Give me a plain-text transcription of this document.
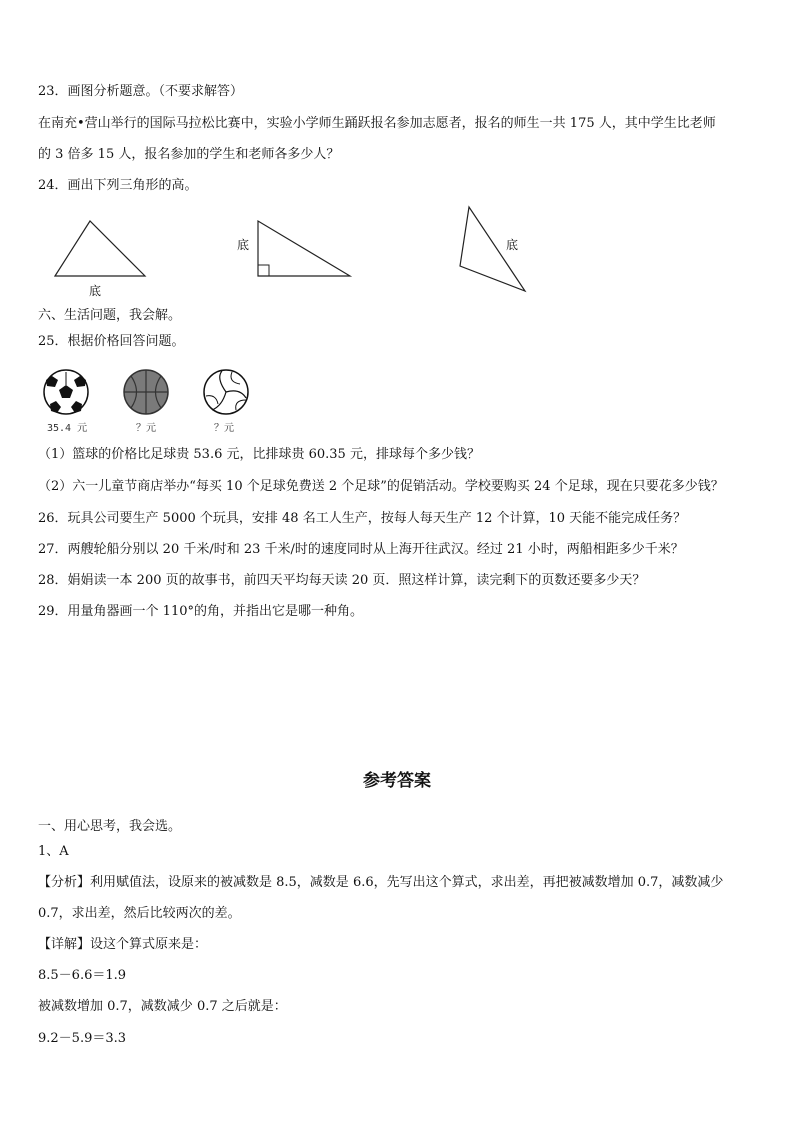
23．画图分析题意。（不要求解答）
在南充•营山举行的国际马拉松比赛中，实验小学师生踊跃报名参加志愿者，报名的师生一共 175 人，其中学生比老师
的 3 倍多 15 人，报名参加的学生和老师各多少人？
24．画出下列三角形的高。
底
底	底
六、生活问题，我会解。
25．根据价格回答问题。
35.4 元	？元	？元
（1）篮球的价格比足球贵 53.6 元，比排球贵 60.35 元，排球每个多少钱？
（2）六一儿童节商店举办“每买 10 个足球免费送 2 个足球”的促销活动。学校要购买 24 个足球，现在只要花多少钱？
26．玩具公司要生产 5000 个玩具，安排 48 名工人生产，按每人每天生产 12 个计算，10 天能不能完成任务？
27．两艘轮船分别以 20 千米/时和 23 千米/时的速度同时从上海开往武汉。经过 21 小时，两船相距多少千米？
28．娟娟读一本 200 页的故事书，前四天平均每天读 20 页．照这样计算，读完剩下的页数还要多少天？
29．用量角器画一个 110°的角，并指出它是哪一种角。
参考答案
一、用心思考，我会选。
1、A
【分析】利用赋值法，设原来的被减数是 8.5，减数是 6.6，先写出这个算式，求出差，再把被减数增加 0.7，减数减少
0.7，求出差，然后比较两次的差。
【详解】设这个算式原来是：
8.5－6.6＝1.9
被减数增加 0.7，减数减少 0.7 之后就是：
9.2－5.9＝3.3
